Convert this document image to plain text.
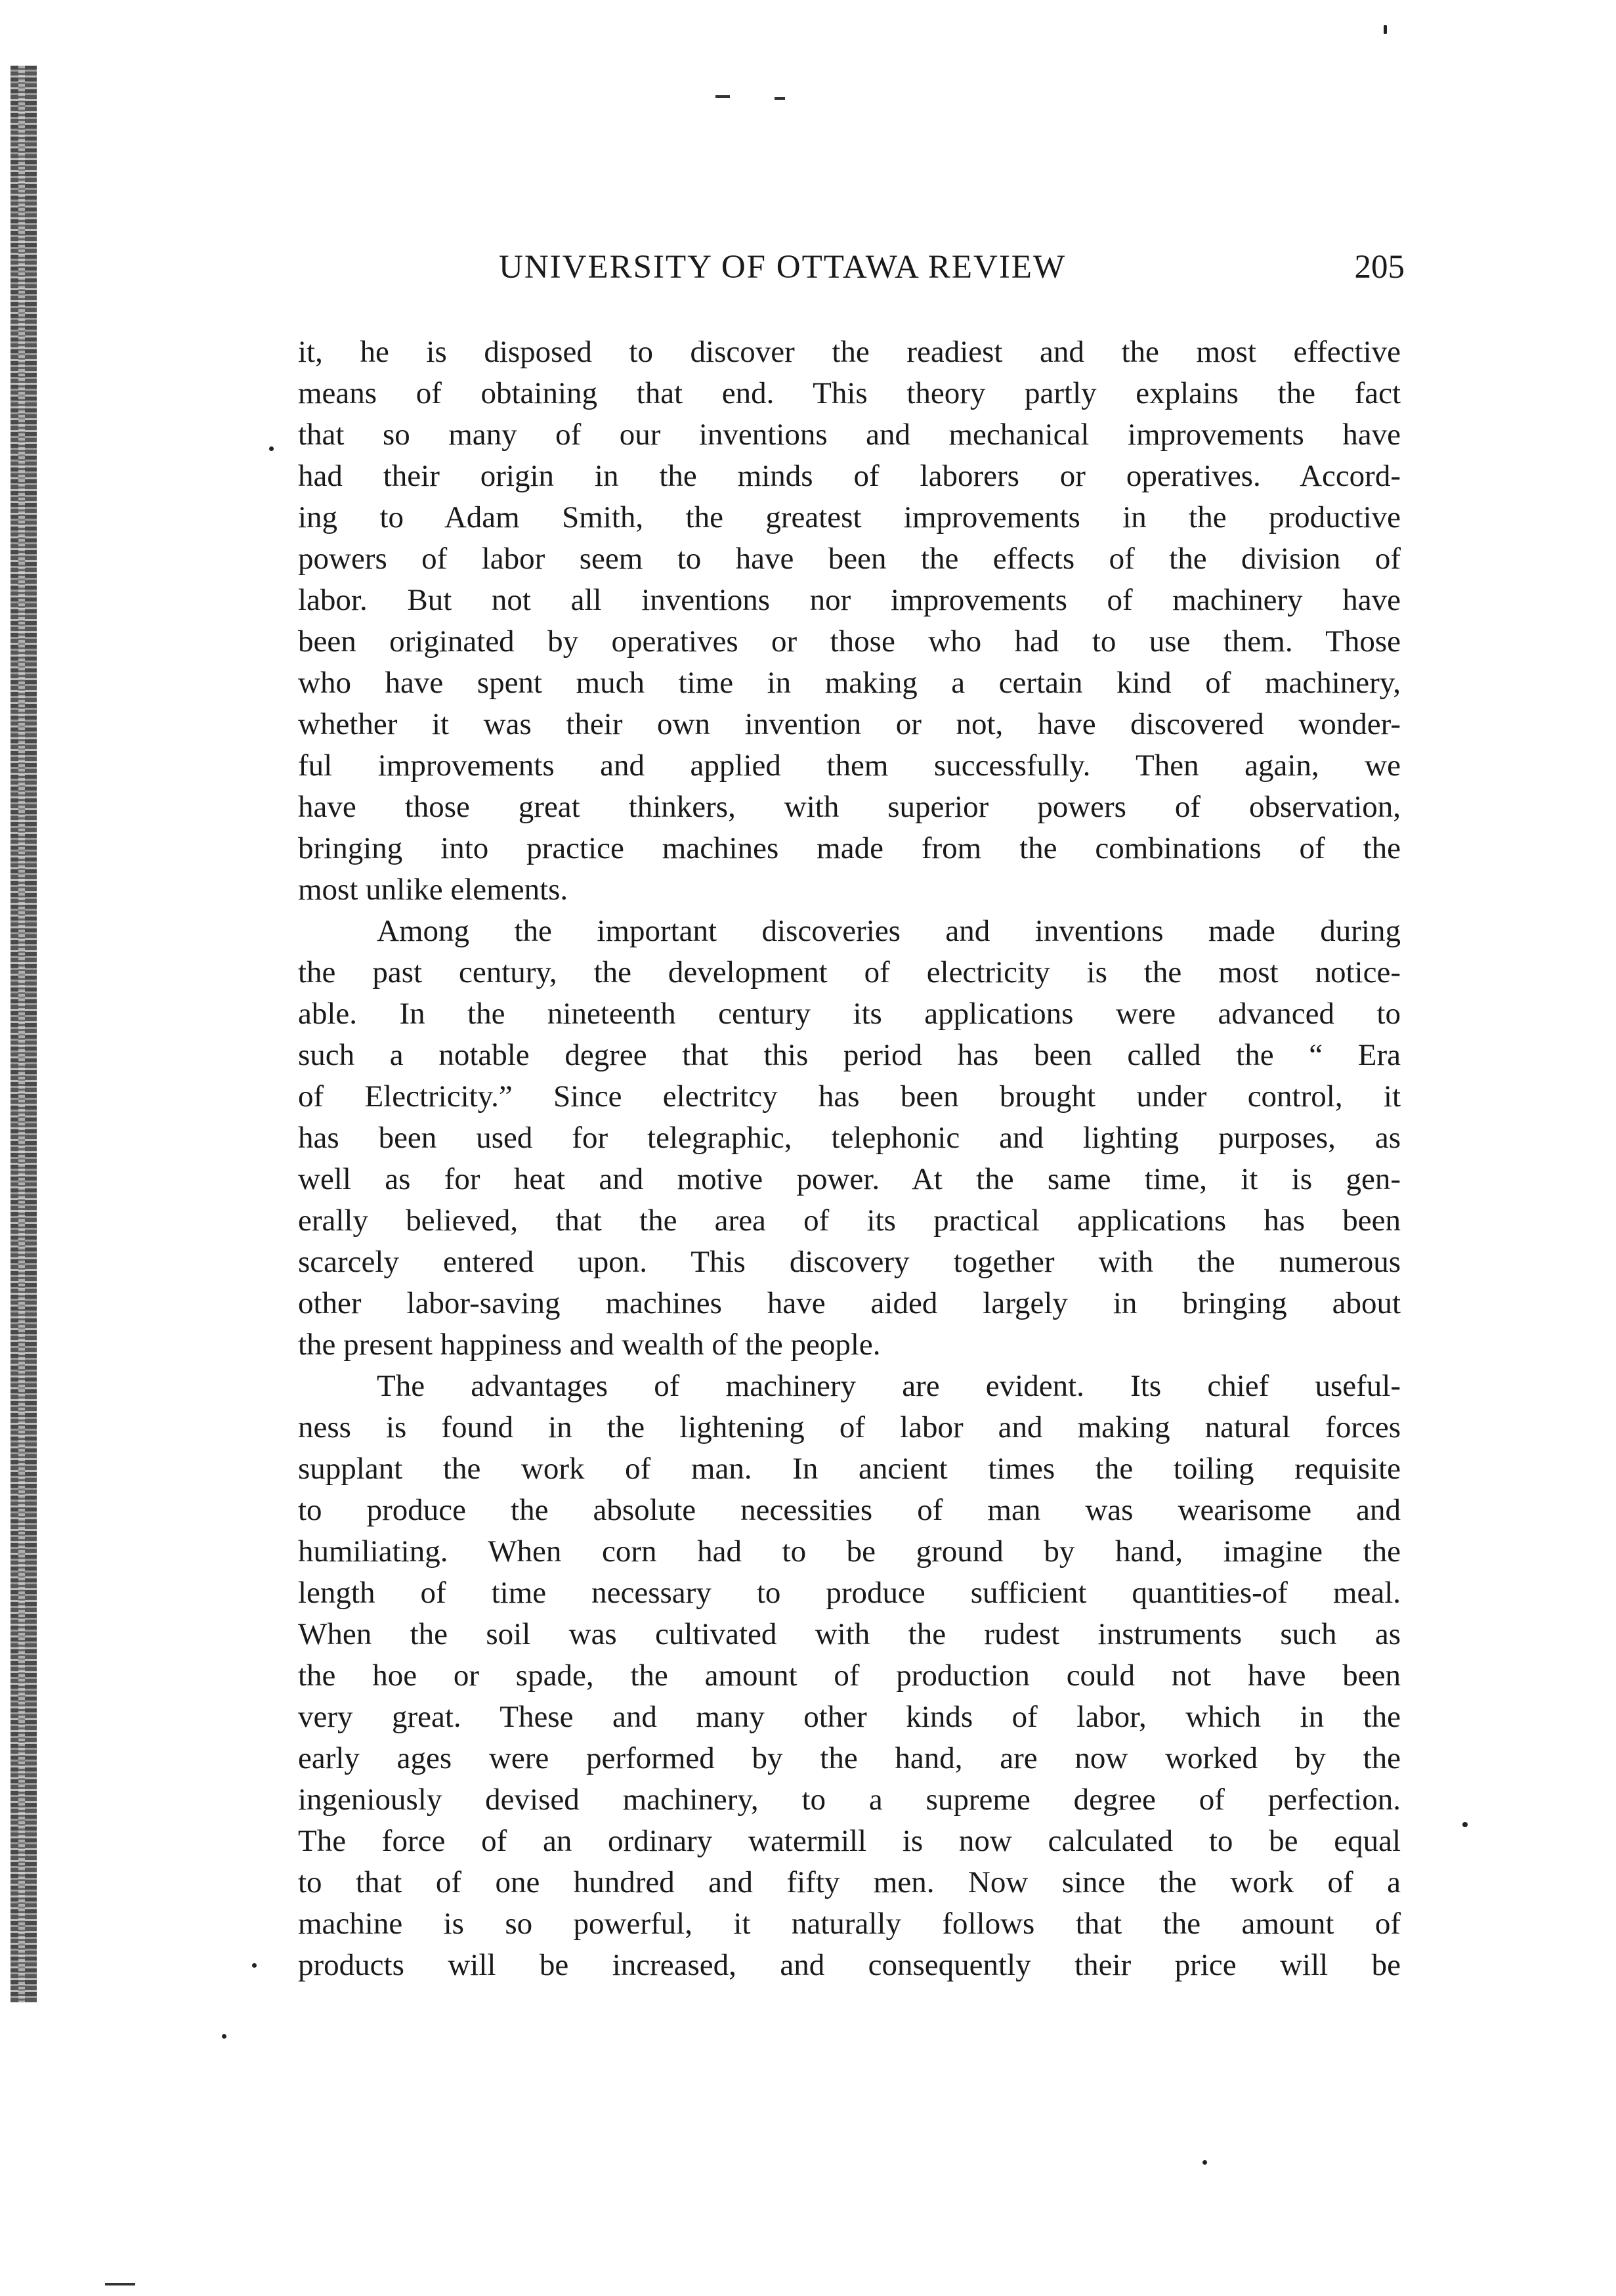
UNIVERSITY OF OTTAWA REVIEW	205
it, he is disposed to discover the readiest and the most effective
means of obtaining that end. This theory partly explains the fact
that so many of our inventions and mechanical improvements have
had their origin in the minds of laborers or operatives. Accord-
ing to Adam Smith, the greatest improvements in the productive
powers of labor seem to have been the effects of the division of
labor. But not all inventions nor improvements of machinery have
been originated by operatives or those who had to use them. Those
who have spent much time in making a certain kind of machinery,
whether it was their own invention or not, have discovered wonder-
ful improvements and applied them successfully. Then again, we
have those great thinkers, with superior powers of observation,
bringing into practice machines made from the combinations of the
most unlike elements.
Among the important discoveries and inventions made during
the past century, the development of electricity is the most notice-
able. In the nineteenth century its applications were advanced to
such a notable degree that this period has been called the “ Era
of Electricity.” Since electritcy has been brought under control, it
has been used for telegraphic, telephonic and lighting purposes, as
well as for heat and motive power. At the same time, it is gen-
erally believed, that the area of its practical applications has been
scarcely entered upon. This discovery together with the numerous
other labor-saving machines have aided largely in bringing about
the present happiness and wealth of the people.
The advantages of machinery are evident. Its chief useful-
ness is found in the lightening of labor and making natural forces
supplant the work of man. In ancient times the toiling requisite
to produce the absolute necessities of man was wearisome and
humiliating. When corn had to be ground by hand, imagine the
length of time necessary to produce sufficient quantities-of meal.
When the soil was cultivated with the rudest instruments such as
the hoe or spade, the amount of production could not have been
very great. These and many other kinds of labor, which in the
early ages were performed by the hand, are now worked by the
ingeniously devised machinery, to a supreme degree of perfection.
The force of an ordinary watermill is now calculated to be equal
to that of one hundred and fifty men. Now since the work of a
machine is so powerful, it naturally follows that the amount of
products will be increased, and consequently their price will be
